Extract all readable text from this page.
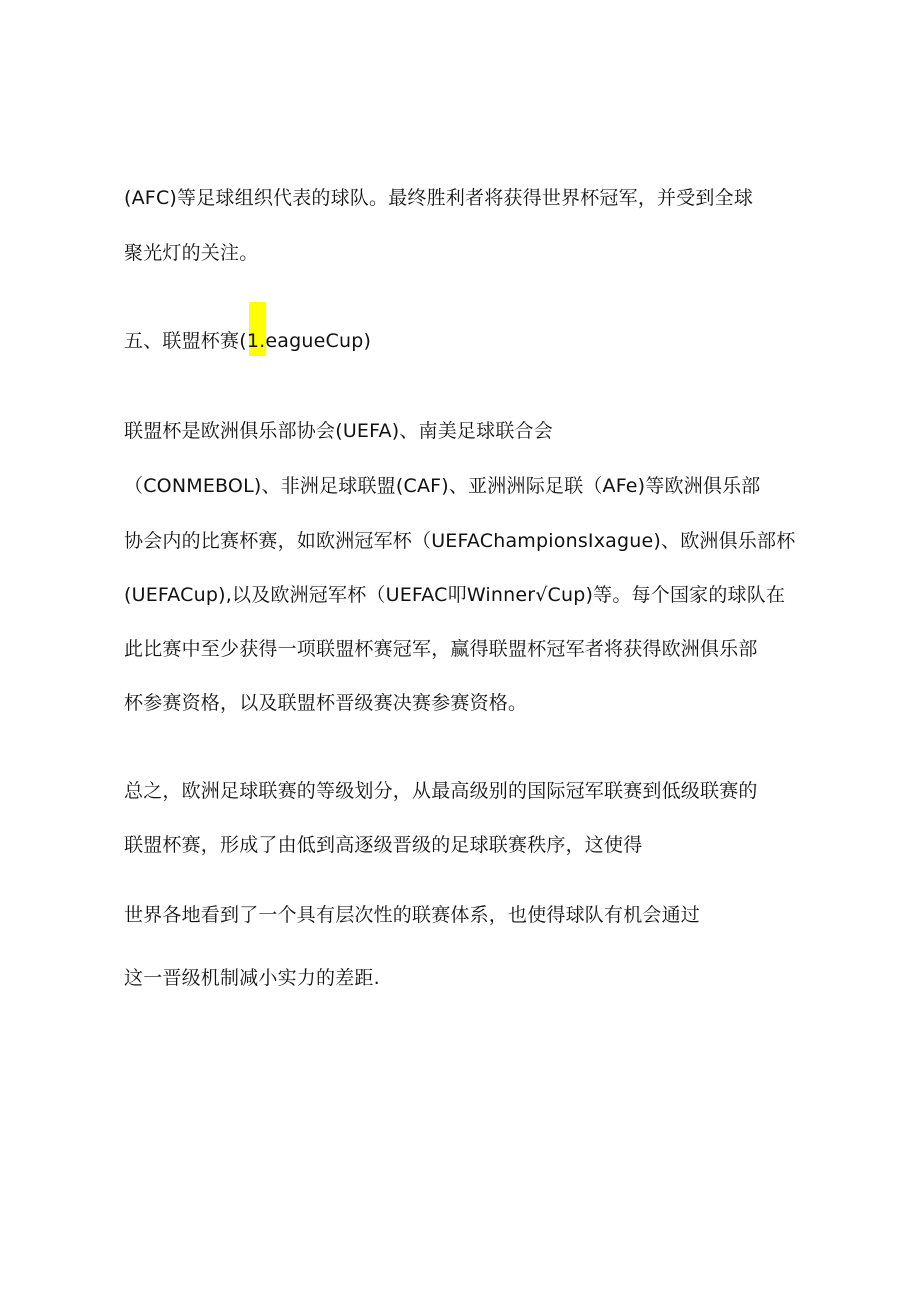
(AFC)等足球组织代表的球队。最终胜利者将获得世界杯冠军，并受到全球
聚光灯的关注。
五、联盟杯赛(1.eagueCup)
联盟杯是欧洲俱乐部协会(UEFA)、南美足球联合会
（CONMEBOL)、非洲足球联盟(CAF)、亚洲洲际足联（AFe)等欧洲俱乐部
协会内的比赛杯赛，如欧洲冠军杯（UEFAChampionsIxague)、欧洲俱乐部杯
(UEFACup),以及欧洲冠军杯（UEFAC叩Winner√Cup)等。每个国家的球队在
此比赛中至少获得一项联盟杯赛冠军，赢得联盟杯冠军者将获得欧洲俱乐部
杯参赛资格，以及联盟杯晋级赛决赛参赛资格。
总之，欧洲足球联赛的等级划分，从最高级别的国际冠军联赛到低级联赛的
联盟杯赛，形成了由低到高逐级晋级的足球联赛秩序，这使得
世界各地看到了一个具有层次性的联赛体系，也使得球队有机会通过
这一晋级机制减小实力的差距.
